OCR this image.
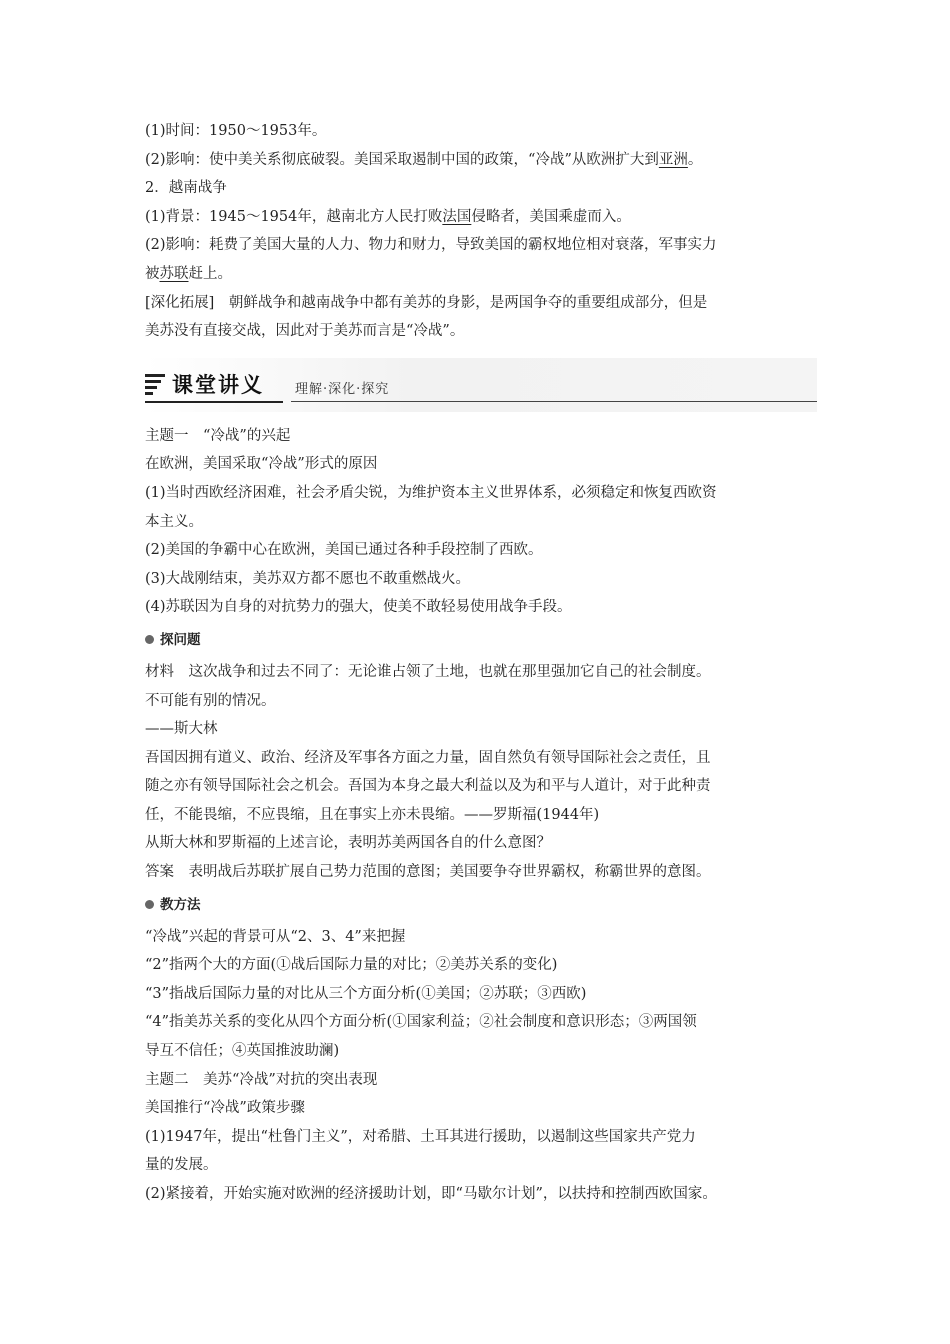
(1)时间：1950～1953年。
(2)影响：使中美关系彻底破裂。美国采取遏制中国的政策，“冷战”从欧洲扩大到亚洲。
2．越南战争
(1)背景：1945～1954年，越南北方人民打败法国侵略者，美国乘虚而入。
(2)影响：耗费了美国大量的人力、物力和财力，导致美国的霸权地位相对衰落，军事实力
被苏联赶上。
[深化拓展]　朝鲜战争和越南战争中都有美苏的身影，是两国争夺的重要组成部分，但是
美苏没有直接交战，因此对于美苏而言是“冷战”。
课堂讲义 理解·深化·探究
主题一　“冷战”的兴起
在欧洲，美国采取“冷战”形式的原因
(1)当时西欧经济困难，社会矛盾尖锐，为维护资本主义世界体系，必须稳定和恢复西欧资
本主义。
(2)美国的争霸中心在欧洲，美国已通过各种手段控制了西欧。
(3)大战刚结束，美苏双方都不愿也不敢重燃战火。
(4)苏联因为自身的对抗势力的强大，使美不敢轻易使用战争手段。
探问题
材料　这次战争和过去不同了：无论谁占领了土地，也就在那里强加它自己的社会制度。
不可能有别的情况。
——斯大林
吾国因拥有道义、政治、经济及军事各方面之力量，固自然负有领导国际社会之责任，且
随之亦有领导国际社会之机会。吾国为本身之最大利益以及为和平与人道计，对于此种责
任，不能畏缩，不应畏缩，且在事实上亦未畏缩。——罗斯福(1944年)
从斯大林和罗斯福的上述言论，表明苏美两国各自的什么意图？
答案　表明战后苏联扩展自己势力范围的意图；美国要争夺世界霸权，称霸世界的意图。
教方法
“冷战”兴起的背景可从“2、3、4”来把握
“2”指两个大的方面(①战后国际力量的对比；②美苏关系的变化)
“3”指战后国际力量的对比从三个方面分析(①美国；②苏联；③西欧)
“4”指美苏关系的变化从四个方面分析(①国家利益；②社会制度和意识形态；③两国领
导互不信任；④英国推波助澜)
主题二　美苏“冷战”对抗的突出表现
美国推行“冷战”政策步骤
(1)1947年，提出“杜鲁门主义”，对希腊、土耳其进行援助，以遏制这些国家共产党力
量的发展。
(2)紧接着，开始实施对欧洲的经济援助计划，即“马歇尔计划”，以扶持和控制西欧国家。
